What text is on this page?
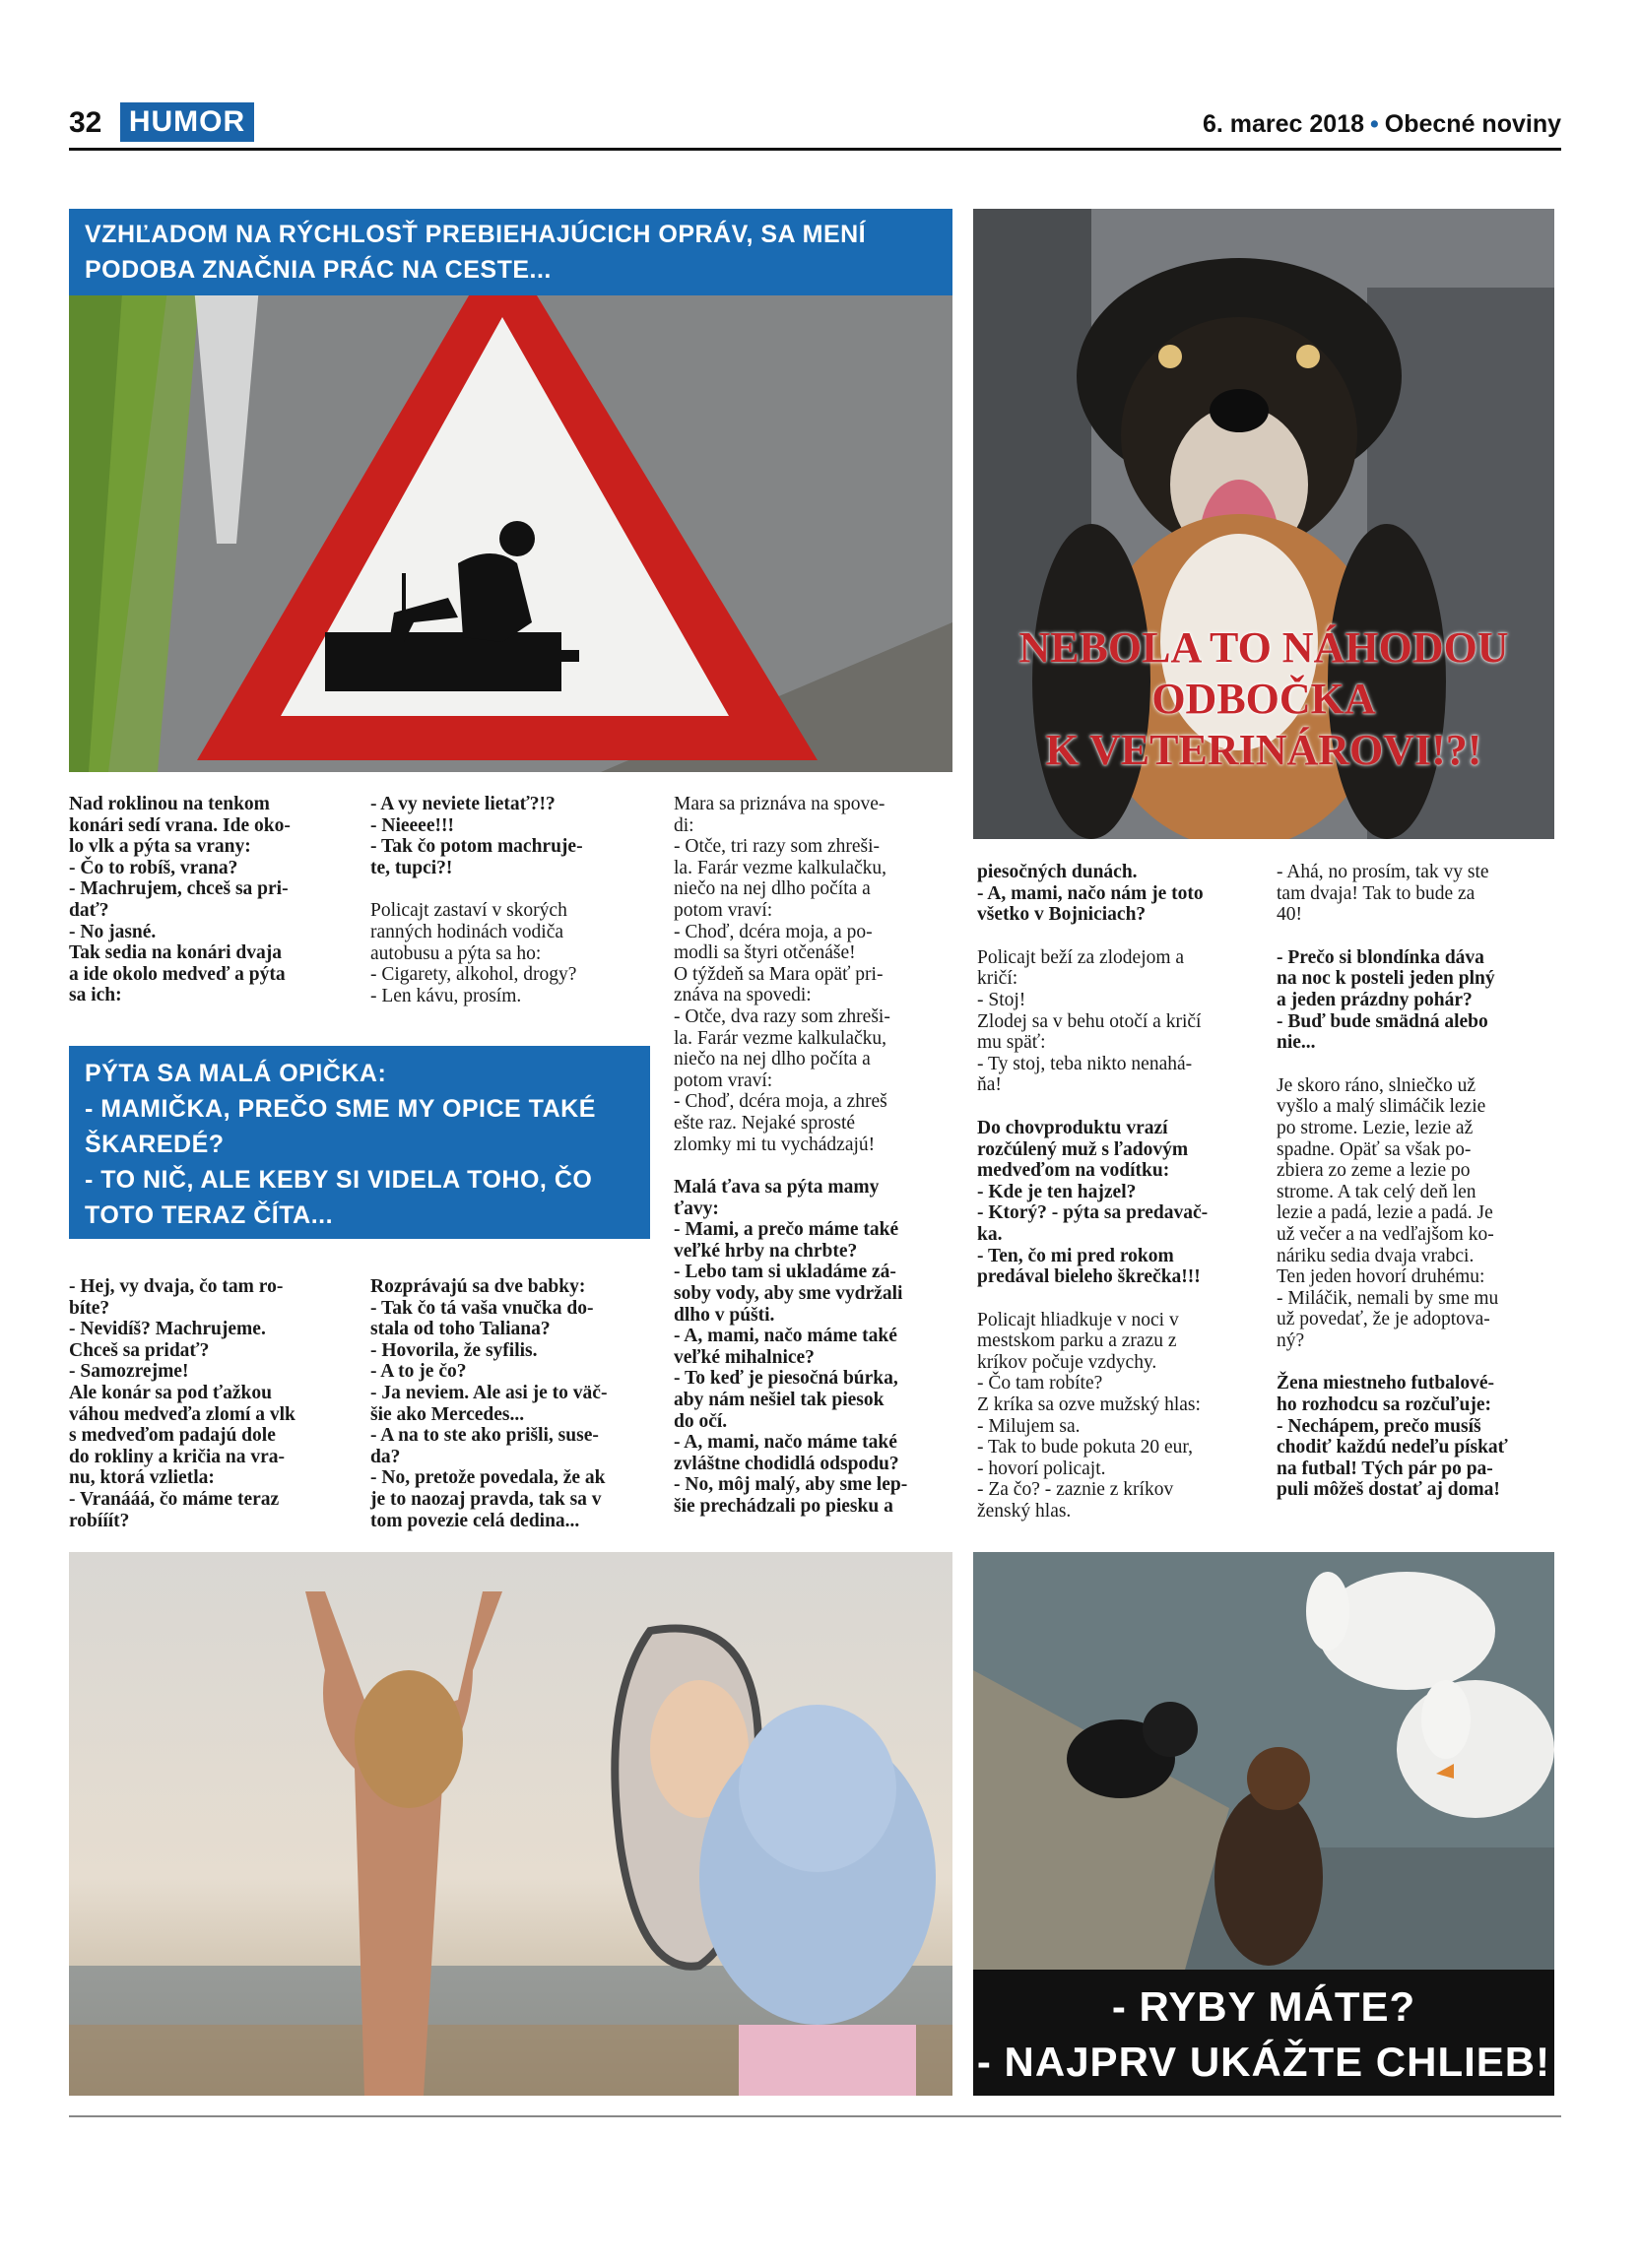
32 HUMOR	6. marec 2018 • Obecné noviny
VZHĽADOM NA RÝCHLOSŤ PREBIEHAJÚCICH OPRÁV, SA MENÍ
PODOBA ZNAČNIA PRÁC NA CESTE...
NEBOLA TO NÁHODOU
ODBOČKA
K VETERINÁROVI!?!
Nad roklinou na tenkom
konári sedí vrana. Ide oko-
lo vlk a pýta sa vrany:
- Čo to robíš, vrana?
- Machrujem, chceš sa pri-
dať?
- No jasné.
Tak sedia na konári dvaja
a ide okolo medveď a pýta
sa ich:

- A vy neviete lietať?!?
- Nieeee!!!
- Tak čo potom machruje-
te, tupci?!

Policajt zastaví v skorých
ranných hodinách vodiča
autobusu a pýta sa ho:
- Cigarety, alkohol, drogy?
- Len kávu, prosím.

PÝTA SA MALÁ OPIČKA:
- MAMIČKA, PREČO SME MY OPICE TAKÉ
ŠKAREDÉ?
- TO NIČ, ALE KEBY SI VIDELA TOHO, ČO
TOTO TERAZ ČÍTA...
- Hej, vy dvaja, čo tam ro-
bíte?
- Nevidíš? Machrujeme.
Chceš sa pridať?
- Samozrejme!
Ale konár sa pod ťažkou
váhou medveďa zlomí a vlk
s medveďom padajú dole
do rokliny a kričia na vra-
nu, ktorá vzlietla:
- Vranááá, čo máme teraz
robííít?
Rozprávajú sa dve babky:
- Tak čo tá vaša vnučka do-
stala od toho Taliana?
- Hovorila, že syfilis.
- A to je čo?
- Ja neviem. Ale asi je to väč-
šie ako Mercedes...
- A na to ste ako prišli, suse-
da?
- No, pretože povedala, že ak
je to naozaj pravda, tak sa v
tom povezie celá dedina...

Mara sa priznáva na spove-
di:
- Otče, tri razy som zhreši-
la. Farár vezme kalkulačku,
niečo na nej dlho počíta a
potom vraví:
- Choď, dcéra moja, a po-
modli sa štyri otčenáše!
O týždeň sa Mara opäť pri-
znáva na spovedi:
- Otče, dva razy som zhreši-
la. Farár vezme kalkulačku,
niečo na nej dlho počíta a
potom vraví:
- Choď, dcéra moja, a zhreš
ešte raz. Nejaké sprosté
zlomky mi tu vychádzajú!

Malá ťava sa pýta mamy
ťavy:
- Mami, a prečo máme také
veľké hrby na chrbte?
- Lebo tam si ukladáme zá-
soby vody, aby sme vydržali
dlho v púšti.
- A, mami, načo máme také
veľké mihalnice?
- To keď je piesočná búrka,
aby nám nešiel tak piesok
do očí.
- A, mami, načo máme také
zvláštne chodidlá odspodu?
- No, môj malý, aby sme lep-
šie prechádzali po piesku a

piesočných dunách.
- A, mami, načo nám je toto
všetko v Bojniciach?

Policajt beží za zlodejom a
kričí:
- Stoj!
Zlodej sa v behu otočí a kričí
mu späť:
- Ty stoj, teba nikto nenahá-
ňa!

Do chovproduktu vrazí
rozčúlený muž s ľadovým
medveďom na vodítku:
- Kde je ten hajzel?
- Ktorý? - pýta sa predavač-
ka.
- Ten, čo mi pred rokom
predával bieleho škrečka!!!

Policajt hliadkuje v noci v
mestskom parku a zrazu z
kríkov počuje vzdychy.
- Čo tam robíte?
Z kríka sa ozve mužský hlas:
- Milujem sa.
- Tak to bude pokuta 20 eur,
- hovorí policajt.
- Za čo? - zaznie z kríkov
ženský hlas.

- Ahá, no prosím, tak vy ste
tam dvaja! Tak to bude za
40!

- Prečo si blondínka dáva
na noc k posteli jeden plný
a jeden prázdny pohár?
- Buď bude smädná alebo
nie...

Je skoro ráno, slniečko už
vyšlo a malý slimáčik lezie
po strome. Lezie, lezie až
spadne. Opäť sa však po-
zbiera zo zeme a lezie po
strome. A tak celý deň len
lezie a padá, lezie a padá. Je
už večer a na vedľajšom ko-
náriku sedia dvaja vrabci.
Ten jeden hovorí druhému:
- Miláčik, nemali by sme mu
už povedať, že je adoptova-
ný?

Žena miestneho futbalové-
ho rozhodcu sa rozčuľuje:
- Nechápem, prečo musíš
chodiť každú nedeľu pískať
na futbal! Tých pár po pa-
puli môžeš dostať aj doma!

- RYBY MÁTE?
- NAJPRV UKÁŽTE CHLIEB!
